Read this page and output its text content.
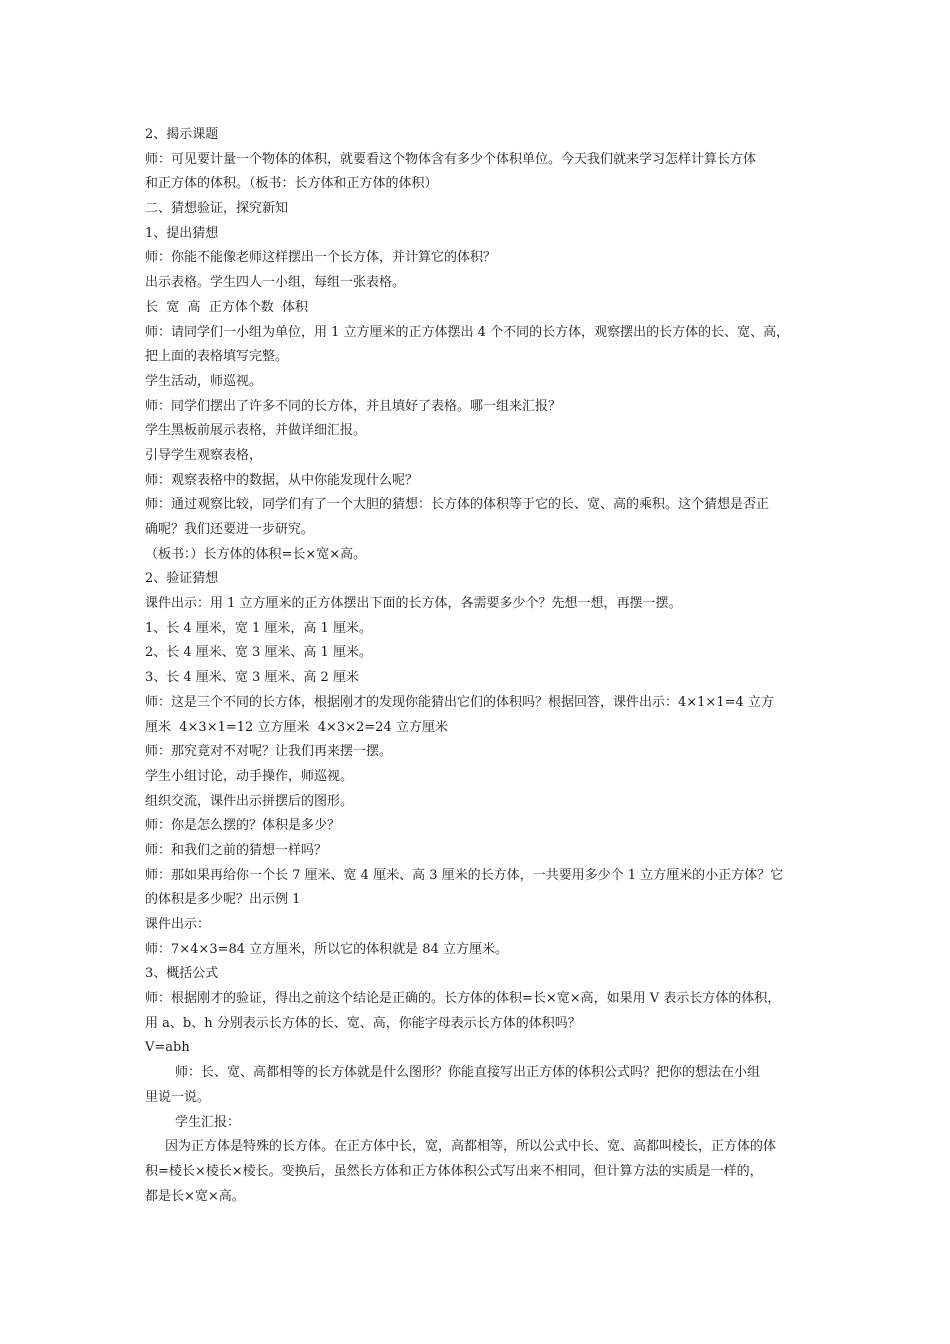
2、揭示课题
师：可见要计量一个物体的体积，就要看这个物体含有多少个体积单位。今天我们就来学习怎样计算长方体
和正方体的体积。（板书：长方体和正方体的体积）
二、猜想验证，探究新知
1、提出猜想
师：你能不能像老师这样摆出一个长方体，并计算它的体积？
出示表格。学生四人一小组，每组一张表格。
长  宽  高  正方体个数  体积
师：请同学们一小组为单位，用 1 立方厘米的正方体摆出 4 个不同的长方体，观察摆出的长方体的长、宽、高，
把上面的表格填写完整。
学生活动，师巡视。
师：同学们摆出了许多不同的长方体，并且填好了表格。哪一组来汇报？
学生黑板前展示表格，并做详细汇报。
引导学生观察表格，
师：观察表格中的数据，从中你能发现什么呢？
师：通过观察比较，同学们有了一个大胆的猜想：长方体的体积等于它的长、宽、高的乘积。这个猜想是否正
确呢？我们还要进一步研究。
（板书：）长方体的体积=长×宽×高。
2、验证猜想
课件出示：用 1 立方厘米的正方体摆出下面的长方体，各需要多少个？先想一想，再摆一摆。
1、长 4 厘米，宽 1 厘米，高 1 厘米。
2、长 4 厘米、宽 3 厘米、高 1 厘米。
3、长 4 厘米、宽 3 厘米、高 2 厘米
师：这是三个不同的长方体，根据刚才的发现你能猜出它们的体积吗？根据回答，课件出示：4×1×1=4 立方
厘米  4×3×1=12 立方厘米  4×3×2=24 立方厘米
师：那究竟对不对呢？让我们再来摆一摆。
学生小组讨论，动手操作，师巡视。
组织交流，课件出示拼摆后的图形。
师：你是怎么摆的？体积是多少？
师：和我们之前的猜想一样吗？
师：那如果再给你一个长 7 厘米、宽 4 厘米、高 3 厘米的长方体，一共要用多少个 1 立方厘米的小正方体？它
的体积是多少呢？出示例 1
课件出示：
师：7×4×3=84 立方厘米，所以它的体积就是 84 立方厘米。
3、概括公式
师：根据刚才的验证，得出之前这个结论是正确的。长方体的体积=长×宽×高，如果用 V 表示长方体的体积，
用 a、b、h 分别表示长方体的长、宽、高，你能字母表示长方体的体积吗？
V=abh
师：长、宽、高都相等的长方体就是什么图形？你能直接写出正方体的体积公式吗？把你的想法在小组
里说一说。
学生汇报：
因为正方体是特殊的长方体。在正方体中长，宽，高都相等，所以公式中长、宽、高都叫棱长，正方体的体
积=棱长×棱长×棱长。变换后，虽然长方体和正方体体积公式写出来不相同，但计算方法的实质是一样的，
都是长×宽×高。
